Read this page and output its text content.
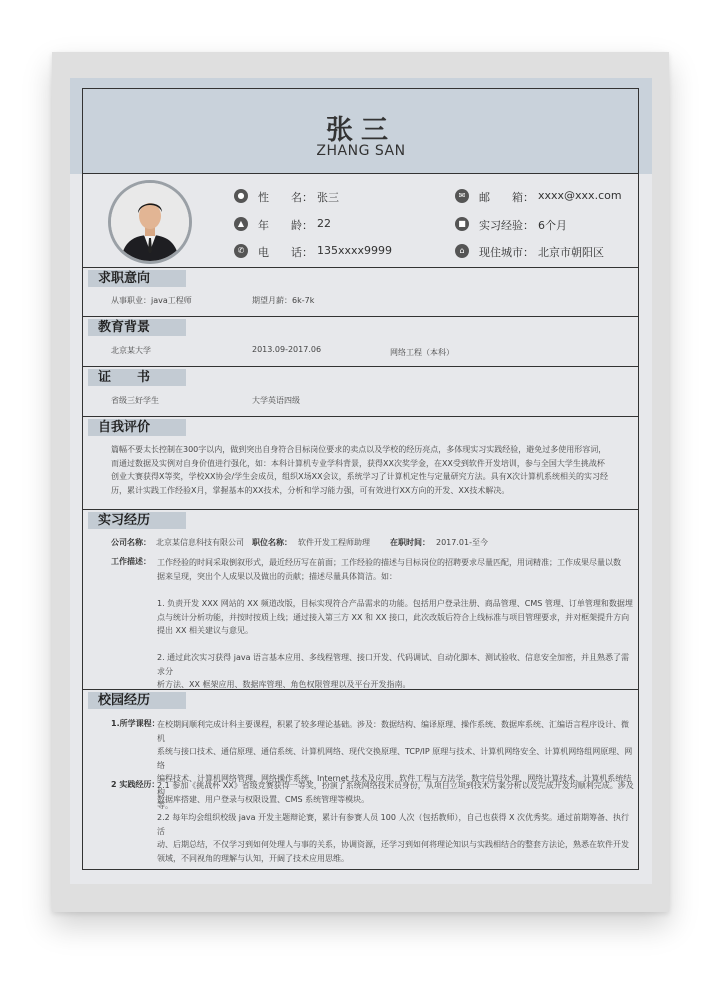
张三
ZHANG SAN
●	性　　名： 张三
▲	年　　龄： 22
✆	电　　话： 135xxxx9999
✉	邮　　箱： xxxx@xxx.com
■ 实习经验： 6个月
⌂	现住城市： 北京市朝阳区
求职意向
从事职业：java工程师	期望月薪：6k-7k
教育背景
北京某大学	2013.09-2017.06	网络工程（本科）
证　　书
省级三好学生	大学英语四级
自我评价
篇幅不要太长控制在300字以内，做到突出自身符合目标岗位要求的卖点以及学校的经历亮点，多体现实习实践经验，避免过多使用形容词，
而通过数据及实例对自身价值进行强化，如：本科计算机专业学科背景，获得XX次奖学金，在XX受到软件开发培训，参与全国大学生挑战杯
创业大赛获得X等奖，学校XX协会/学生会成员，组织X场XX会议，系统学习了计算机定性与定量研究方法。具有X次计算机系统相关的实习经
历，累计实践工作经验X月，掌握基本的XX技术，分析和学习能力强，可有效进行XX方向的开发、XX技术解决。
实习经历
公司名称： 北京某信息科技有限公司 职位名称： 软件开发工程师助理	在职时间： 2017.01-至今
工作描述： 工作经验的时间采取倒叙形式，最近经历写在前面；工作经验的描述与目标岗位的招聘要求尽量匹配，用词精准；工作成果尽量以数
据来呈现，突出个人成果以及做出的贡献；描述尽量具体简洁。如：
1. 负责开发 XXX 网站的 XX 频道改版，目标实现符合产品需求的功能。包括用户登录注册、商品管理、CMS 管理、订单管理和数据埋
点与统计分析功能，并按时按质上线；通过接入第三方 XX 和 XX 接口，此次改版后符合上线标准与项目管理要求，并对框架提升方向
提出 XX 相关建议与意见。
2. 通过此次实习获得 java 语言基本应用、多线程管理、接口开发、代码调试、自动化脚本、测试验收、信息安全加密，并且熟悉了需求分
析方法、XX 框架应用、数据库管理、角色权限管理以及平台开发指南。
校园经历
1.所学课程：
在校期间顺利完成计科主要课程，积累了较多理论基础。涉及：数据结构、编译原理、操作系统、数据库系统、汇编语言程序设计、微机
系统与接口技术、通信原理、通信系统、计算机网络、现代交换原理、TCP/IP 原理与技术、计算机网络安全、计算机网络组网原理、网络
编程技术、计算机网络管理、网络操作系统、Internet 技术及应用、软件工程与方法学、数字信号处理、网络计算技术、计算机系统结构
等。
2 实践经历：
2.1 参加《挑战杯 XX》省级竞赛获得一等奖，扮演了系统网络技术员身份，从项目立项到技术方案分析以及完成开发均顺利完成。涉及
数据库搭建、用户登录与权限设置、CMS 系统管理等模块。
2.2 每年均会组织校级 java 开发主题辩论赛，累计有参赛人员 100 人次（包括教师），自己也获得 X 次优秀奖。通过前期筹备、执行活
动、后期总结，不仅学习到如何处理人与事的关系，协调资源，还学习到如何将理论知识与实践相结合的整套方法论，熟悉在软件开发
领域，不同视角的理解与认知，开阔了技术应用思维。
